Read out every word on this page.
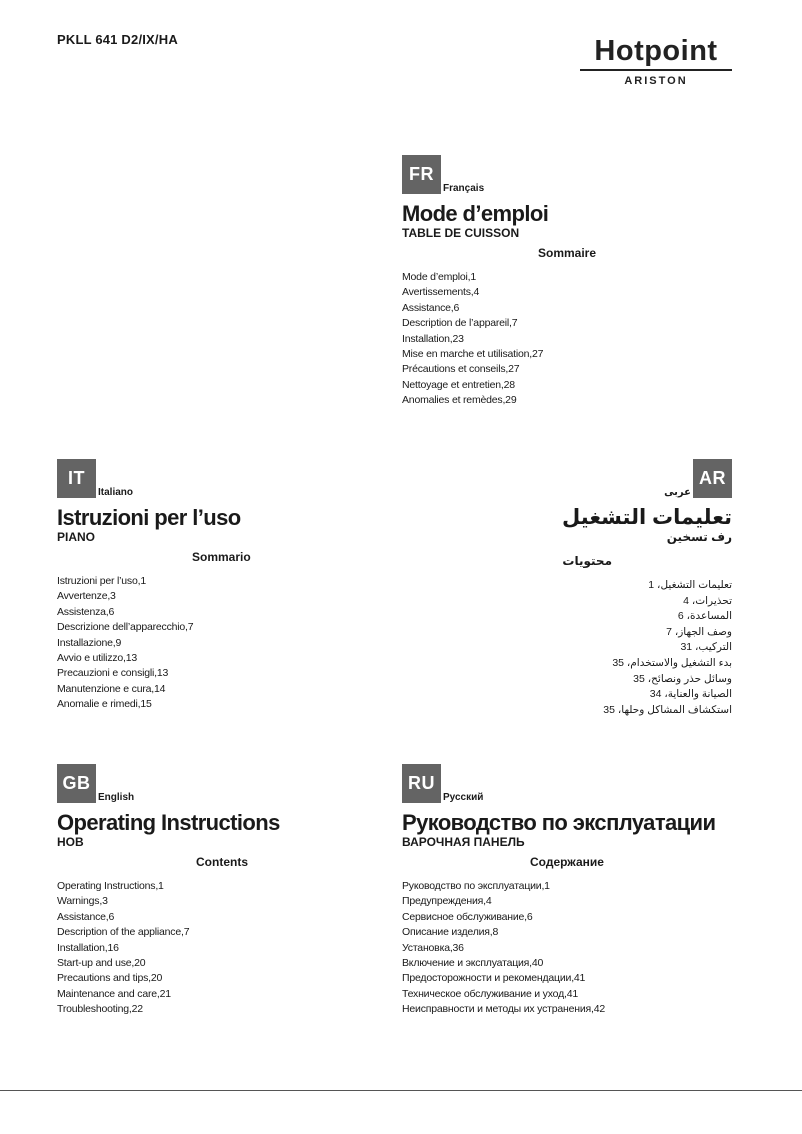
PKLL 641 D2/IX/HA	Hotpoint
ARISTON
FR
Français
Mode d’emploi
TABLE DE CUISSON
Sommaire
Mode d’emploi,1
Avertissements,4
Assistance,6
Description de l’appareil,7
Installation,23
Mise en marche et utilisation,27
Précautions et conseils,27
Nettoyage et entretien,28
Anomalies et remèdes,29
IT
Italiano
Istruzioni per l’uso
PIANO
Sommario
Istruzioni per l’uso,1
Avvertenze,3
Assistenza,6
Descrizione dell’apparecchio,7
Installazione,9
Avvio e utilizzo,13
Precauzioni e consigli,13
Manutenzione e cura,14
Anomalie e rimedi,15
AR
عربى
تعليمات التشغيل
رف تسخين
محتويات
تعليمات التشغيل، 1
تحذيرات، 4
المساعدة، 6
وصف الجهاز، 7
التركيب، 31
بدء التشغيل والاستخدام، 35
وسائل حذر ونصائح، 35
الصيانة والعناية، 34
استكشاف المشاكل وحلها، 35
GB
English
Operating Instructions
HOB
Contents
Operating Instructions,1
Warnings,3
Assistance,6
Description of the appliance,7
Installation,16
Start-up and use,20
Precautions and tips,20
Maintenance and care,21
Troubleshooting,22
RU
Русский
Руководство по эксплуатации
ВАРОЧНАЯ ПАНЕЛЬ
Содержание
Руководство по эксплуатации,1
Предупреждения,4
Сервисное обслуживание,6
Описание изделия,8
Установка,36
Включение и эксплуатация,40
Предосторожности и рекомендации,41
Техническое обслуживание и уход,41
Неисправности и методы их устранения,42
